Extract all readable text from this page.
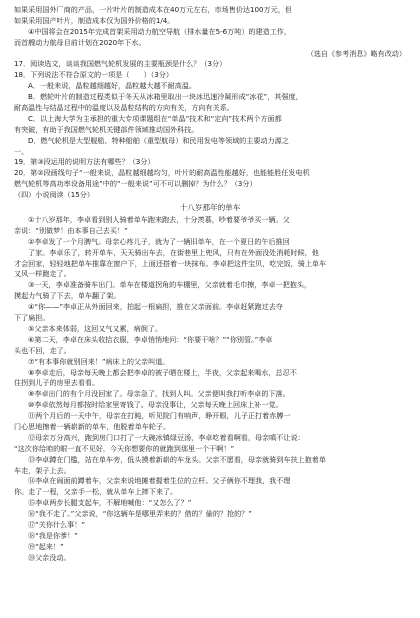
如果采用国外厂商的产品，一片叶片的制造成本在40万元左右，市场售价达100万元，但
如果采用国产叶片，制造成本仅为国外价格的1/4。
④中国将会在2015年完成首架采用动力航空导航（排水量在5-6万吨）的建造工作，
而首艘动力航母目前计划在2020年下水。
（选自《参考消息》略有改动）
17．阅读选文，谈谈我国燃气轮机发展的主要瓶颈是什么？（3分）
18．下列说法不符合原文的一项是（　　）（3分）
A．一般来说，晶粒越细越好，晶粒越大越不耐高温。
B．燃轮叶片的制造过程类似于冬天从冰箱里取出一块冰迅速冷凝形成“冰花”，其强度，
耐高温性与结晶过程中的温度以及晶粒结构的方向有关，方向有关系。
C．以上海大学为主承担的重大专项课题组在“单晶”技术和“定向”技术两个方面都
有突破，有助于我国燃气轮机关键部件领域推动国外科技。
D．燃气轮机是大型舰船、特种船舶（重型航母）和民用发电等领域的主要动力源之
一。
19．第③段运用的说明方法有哪些？（3分）
20．第②段画线句子“一般来说，晶粒越细越均匀，叶片的耐高温性能越好，也能能胜任发电机
燃气轮机等高功率设备用途”中的“一般来说”可不可以删掉？为什么？（3分）
（四）小说阅读（15分）
十八岁那年的单车
①十八岁那年，李卓看到别人骑着单车跑来跑去，十分羡慕，吵着要爷爷买一辆。父
亲说：“别做梦！由本事自己去买！”
②李卓发了一个月脾气。母亲心疼儿子，就为了一辆旧单车，在一个夏日的午后推回
了家。李卓乐了，转开单车，天天骑出车去，在街巷里上兜风，只有在外面没处消耗时候，他
才会回家，轻轻地把单车推靠在窗户下，上面还搭着一块抹布。李卓把这件宝贝，吃完饭，骑上单车
又风一样跑走了。
③一天，李卓准备骑车出门。单车在楼道拐角的车棚里，父亲就着毛巾擦，李卓一把抱头，
摸起力气骑了下去，单车翻了架。
④“你——”李卓正从外面回来，拍起一根扁担，推在父亲面前。李卓赶紧跑过去夺
下了扁担。
⑤父亲本来体弱，这回又气又累，病倒了。
⑥第二天，李卓在床头收拾衣服，李卓悄悄地问：“你要干啥？”“你别管。”李卓
头也不回，走了。
⑦“有本事你就别回来！”病床上的父亲叫道。
⑧李卓走后，母亲每天晚上都会把李卓的被子晒在楼上，半夜，父亲起来喝水，总忍不
住拐到儿子的房里去看看。
⑨李卓出门的有个月没回家了。母亲急了，找到人叫。父亲便叫我打听李卓的下落。
⑩李卓依然每月都按时给家里寄钱了。母亲没事让，父亲每天晚上回床上补一觉。
⑪两个月后的一天中午，母亲在打盹，听见院门有响声，睁开眼，儿子正打着赤膊一
门心思地擦着一辆崭新的单车，他脱着单车轮子。
⑫母亲万分高兴，跑到房门口打了一大碗冰镇绿豆汤，李卓吃着看啊看，母亲嗔不让说：
“这次你给咱的眼一直不见好，今天你想要你的就跑到那里一个干啊！”
⑬李卓蹲在门槛，站在单车旁，低头摸着新崭的车龙头。父亲不愿看，母亲就骑到车扶上抱着单
车走，架子上去。
⑭李卓在闹面前蹲着车，父亲来说地摊着握着生位的立杆。父子俩你不理我，我不理
你。走了一程，父亲手一松，就从单车上摔下来了。
⑮李卓两步长腿支起车，不解地喊他：“又怎么了？”
⑯“我不走了。”父亲说，“你这辆车是哪里弄来的？借的？偷的？抢的？”
⑰“关你什么事！”
⑱“我是你爹！”
⑲“起来！”
⑳父亲没动。
